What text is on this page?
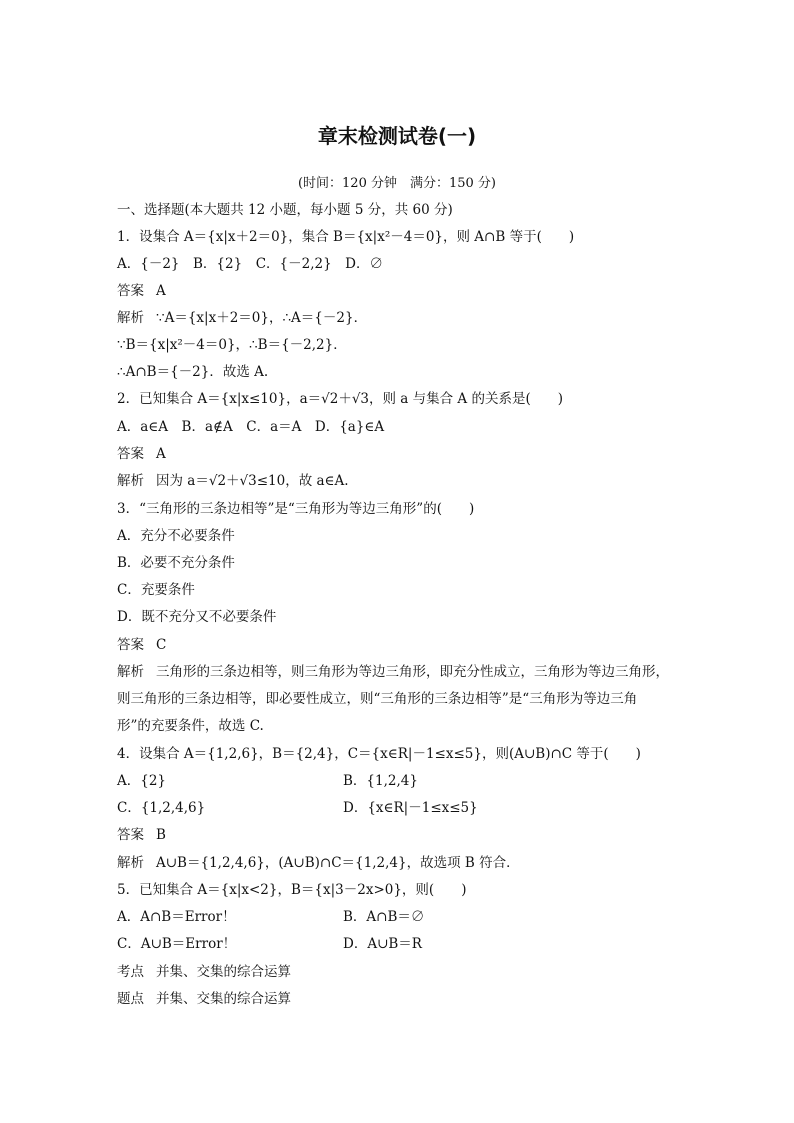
章末检测试卷(一)
(时间：120 分钟　满分：150 分)
一、选择题(本大题共 12 小题，每小题 5 分，共 60 分)
1．设集合 A＝{x|x＋2＝0}，集合 B＝{x|x²－4＝0}，则 A∩B 等于(　　)
A．{－2}　B．{2}　C．{－2,2}　D．∅
答案 A
解析 ∵A＝{x|x＋2＝0}，∴A＝{－2}．
∵B＝{x|x²－4＝0}，∴B＝{－2,2}．
∴A∩B＝{－2}．故选 A.
2．已知集合 A＝{x|x≤10}，a＝√2＋√3，则 a 与集合 A 的关系是(　　)
A．a∈A　B．a∉A　C．a＝A　D．{a}∈A
答案 A
解析 因为 a＝√2＋√3≤10，故 a∈A.
3．“三角形的三条边相等”是“三角形为等边三角形”的(　　)
A．充分不必要条件
B．必要不充分条件
C．充要条件
D．既不充分又不必要条件
答案 C
解析 三角形的三条边相等，则三角形为等边三角形，即充分性成立，三角形为等边三角形，
则三角形的三条边相等，即必要性成立，则“三角形的三条边相等”是“三角形为等边三角
形”的充要条件，故选 C.
4．设集合 A＝{1,2,6}，B＝{2,4}，C＝{x∈R|－1≤x≤5}，则(A∪B)∩C 等于(　　)
A．{2}	B．{1,2,4}
C．{1,2,4,6}	D．{x∈R|－1≤x≤5}
答案 B
解析 A∪B＝{1,2,4,6}，(A∪B)∩C＝{1,2,4}，故选项 B 符合．
5．已知集合 A＝{x|x<2}，B＝{x|3－2x>0}，则(　　)
A．A∩B＝Error！	B．A∩B＝∅
C．A∪B＝Error！	D．A∪B＝R
考点 并集、交集的综合运算
题点 并集、交集的综合运算
